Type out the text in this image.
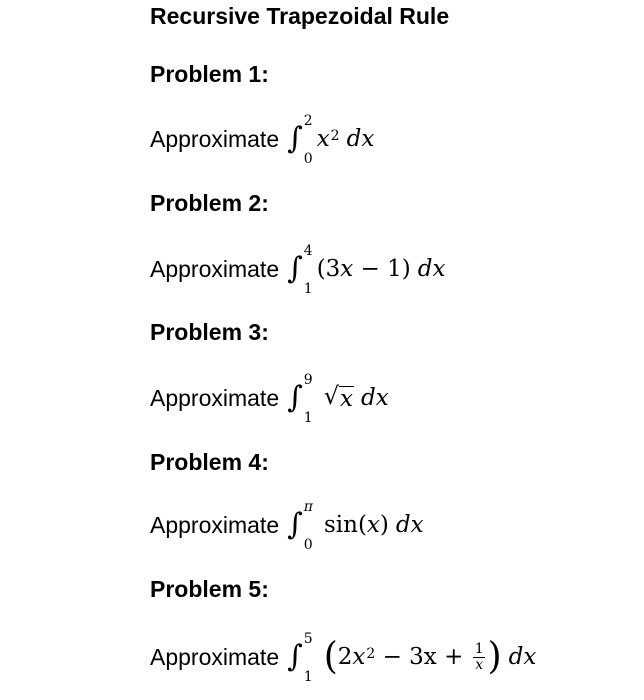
Recursive Trapezoidal Rule
Problem 1:
Approximate ∫ 2
0
$x^2$ dx
Problem 2:
Approximate ∫ 4
1
(3 x − 1) dx
Problem 3:
Approximate ∫ 9
1
√ x dx
Problem 4:
Approximate ∫ π
0
sin( x ) dx
Problem 5:
Approximate ∫ 5
1 ( 2 $x^2 - 3x + \frac{1}{x}$ ) dx
